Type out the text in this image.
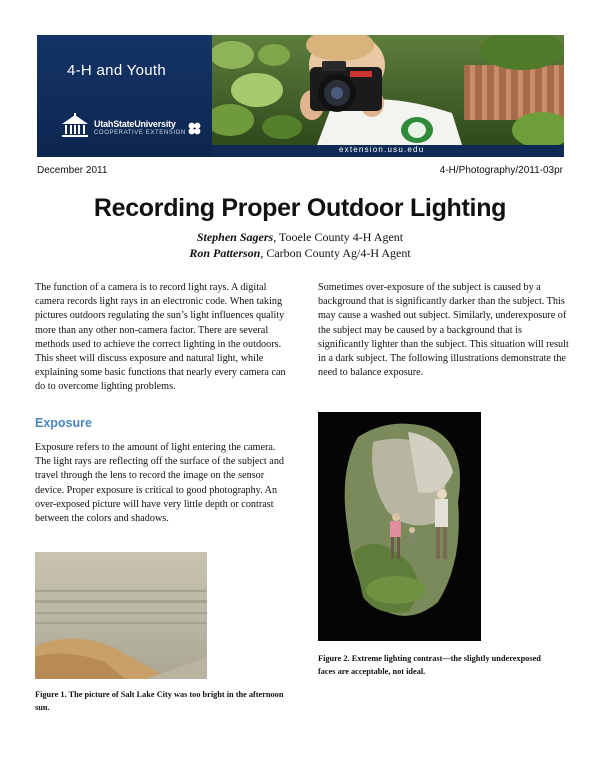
4-H and Youth
UtahStateUniversity
COOPERATIVE EXTENSION
extension.usu.edu
December 2011	4-H/Photography/2011-03pr
Recording Proper Outdoor Lighting
Stephen Sagers, Tooele County 4-H Agent
Ron Patterson, Carbon County Ag/4-H Agent

The function of a camera is to record light rays. A digital camera records light rays in an electronic code. When taking pictures outdoors regulating the sun’s light influences quality more than any other non-camera factor. There are several methods used to achieve the correct lighting in the outdoors. This sheet will discuss exposure and natural light, while explaining some basic functions that nearly every camera can do to overcome lighting problems.

Exposure

Exposure refers to the amount of light entering the camera. The light rays are reflecting off the surface of the subject and travel through the lens to record the image on the sensor device. Proper exposure is critical to good photography. An over-exposed picture will have very little depth or contrast between the colors and shadows.

Figure 1. The picture of Salt Lake City was too bright in the afternoon sun.

Sometimes over-exposure of the subject is caused by a background that is significantly darker than the subject. This may cause a washed out subject. Similarly, underexposure of the subject may be caused by a background that is significantly lighter than the subject. This situation will result in a dark subject. The following illustrations demonstrate the need to balance exposure.

Figure 2. Extreme lighting contrast—the slightly underexposed faces are acceptable, not ideal.
